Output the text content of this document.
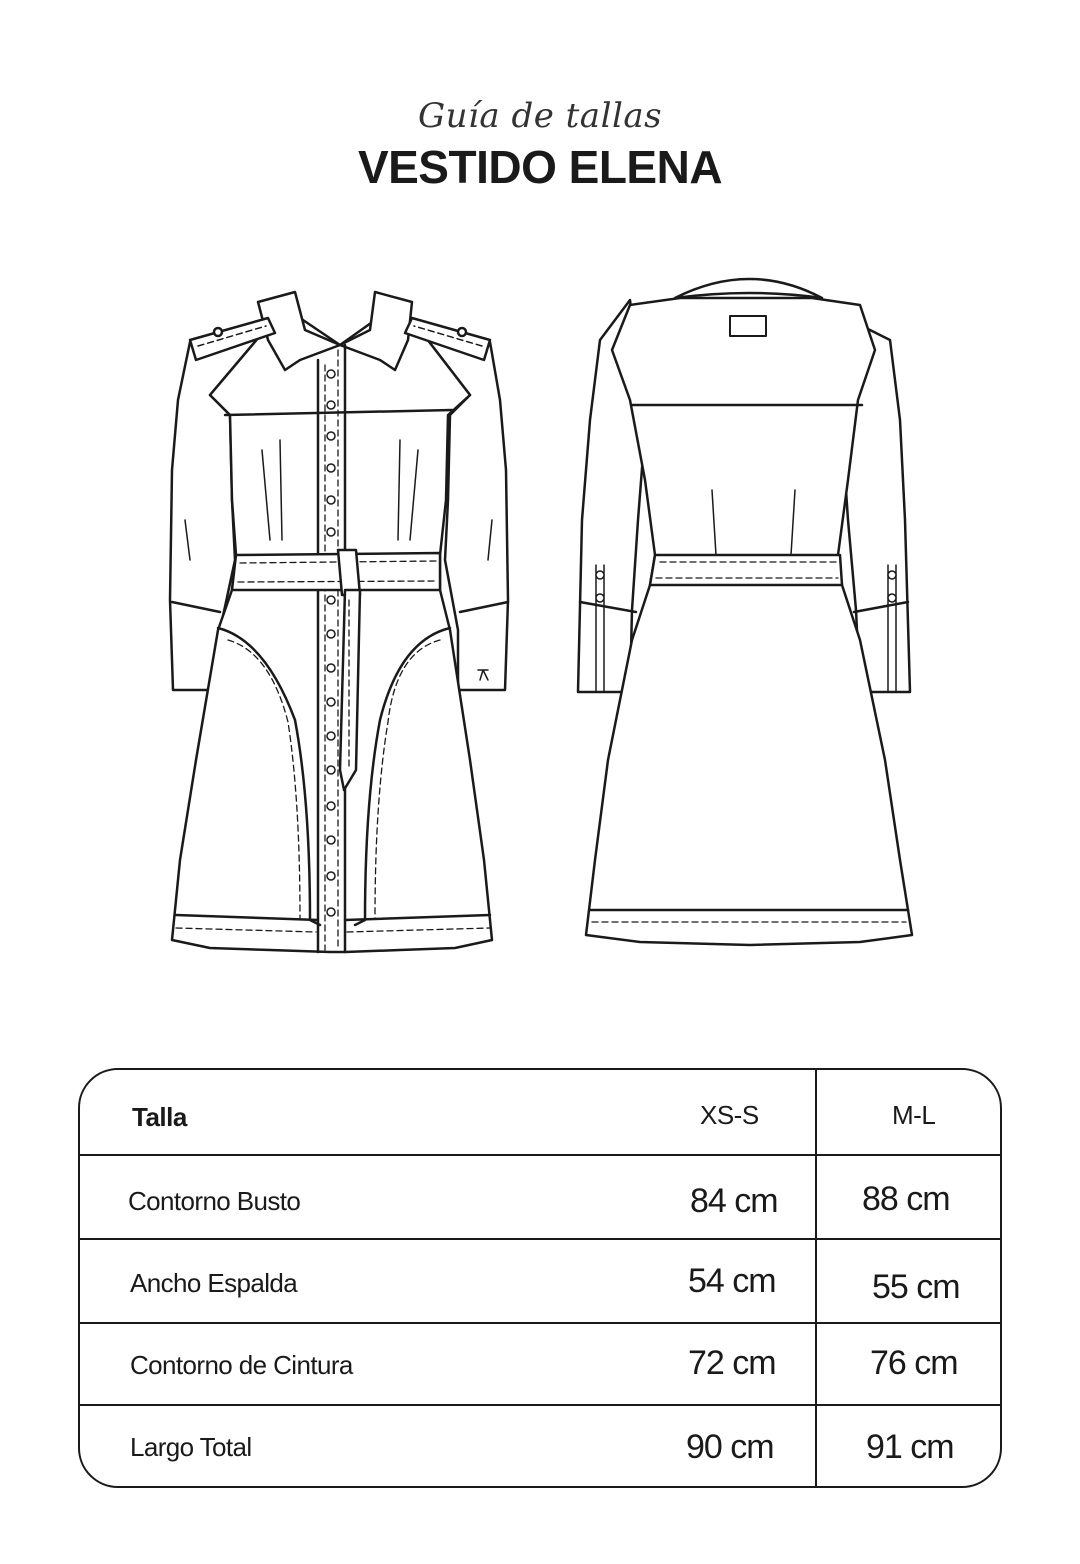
Guía de tallas
VESTIDO ELENA
Talla	XS-S	M-L
Contorno Busto	84 cm 88 cm
Ancho Espalda	54 cm	55 cm
Contorno de Cintura	72 cm	76 cm
Largo Total	90 cm	91 cm
